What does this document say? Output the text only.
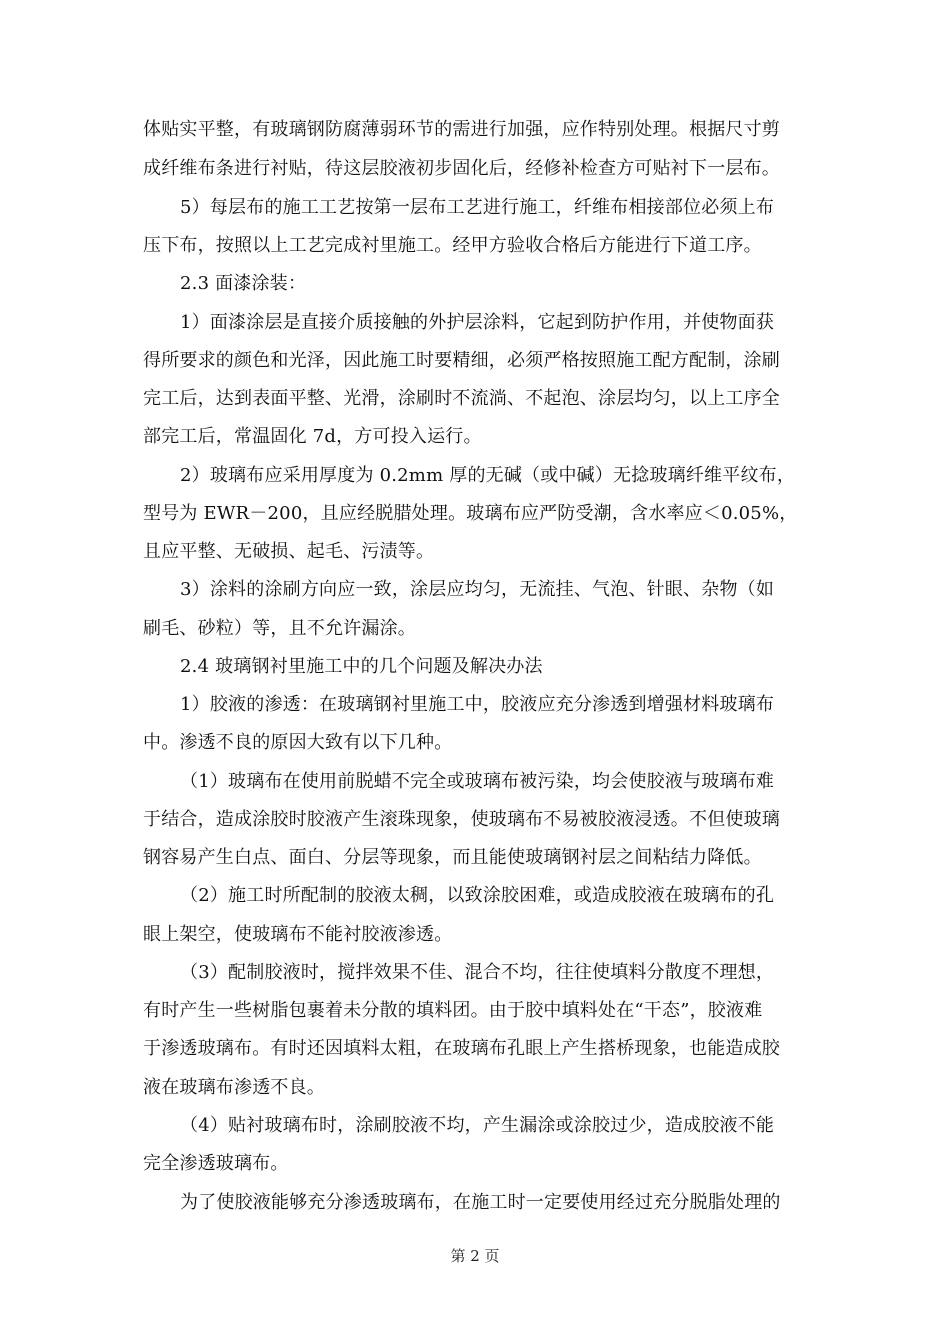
体贴实平整，有玻璃钢防腐薄弱环节的需进行加强，应作特别处理。根据尺寸剪
成纤维布条进行衬贴，待这层胶液初步固化后，经修补检查方可贴衬下一层布。
5）每层布的施工工艺按第一层布工艺进行施工，纤维布相接部位必须上布
压下布，按照以上工艺完成衬里施工。经甲方验收合格后方能进行下道工序。
2.3 面漆涂装：
1）面漆涂层是直接介质接触的外护层涂料，它起到防护作用，并使物面获
得所要求的颜色和光泽，因此施工时要精细，必须严格按照施工配方配制，涂刷
完工后，达到表面平整、光滑，涂刷时不流淌、不起泡、涂层均匀，以上工序全
部完工后，常温固化 7d，方可投入运行。
2）玻璃布应采用厚度为 0.2mm 厚的无碱（或中碱）无捻玻璃纤维平纹布，
型号为 EWR－200，且应经脱腊处理。玻璃布应严防受潮，含水率应＜0.05%，
且应平整、无破损、起毛、污渍等。
3）涂料的涂刷方向应一致，涂层应均匀，无流挂、气泡、针眼、杂物（如
刷毛、砂粒）等，且不允许漏涂。
2.4 玻璃钢衬里施工中的几个问题及解决办法
1）胶液的渗透：在玻璃钢衬里施工中，胶液应充分渗透到增强材料玻璃布
中。渗透不良的原因大致有以下几种。
（1）玻璃布在使用前脱蜡不完全或玻璃布被污染，均会使胶液与玻璃布难
于结合，造成涂胶时胶液产生滚珠现象，使玻璃布不易被胶液浸透。不但使玻璃
钢容易产生白点、面白、分层等现象，而且能使玻璃钢衬层之间粘结力降低。
（2）施工时所配制的胶液太稠，以致涂胶困难，或造成胶液在玻璃布的孔
眼上架空，使玻璃布不能衬胶液渗透。
（3）配制胶液时，搅拌效果不佳、混合不均，往往使填料分散度不理想，
有时产生一些树脂包裹着未分散的填料团。由于胶中填料处在“干态”，胶液难
于渗透玻璃布。有时还因填料太粗，在玻璃布孔眼上产生搭桥现象，也能造成胶
液在玻璃布渗透不良。
（4）贴衬玻璃布时，涂刷胶液不均，产生漏涂或涂胶过少，造成胶液不能
完全渗透玻璃布。
为了使胶液能够充分渗透玻璃布，在施工时一定要使用经过充分脱脂处理的
第 2 页
